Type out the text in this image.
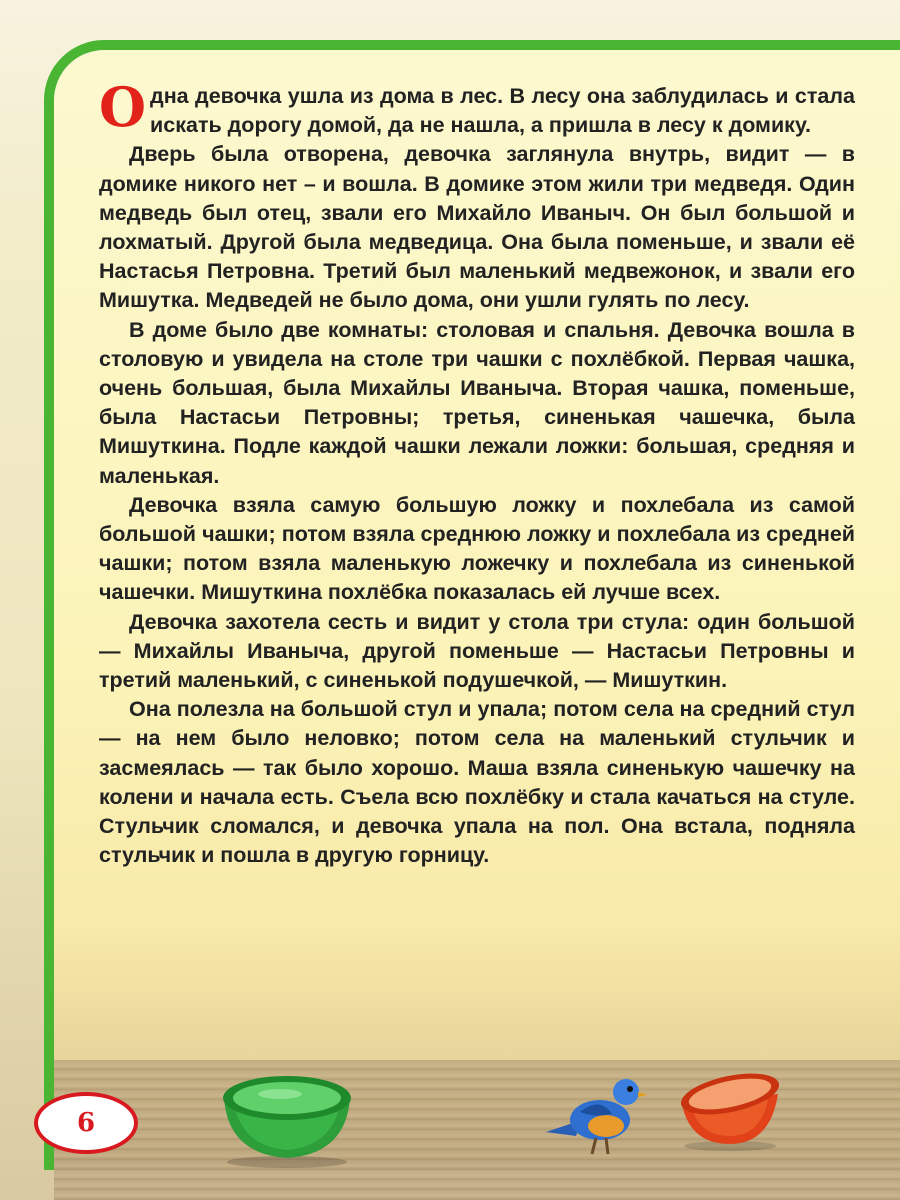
Одна девочка ушла из дома в лес. В лесу она заблудилась и стала искать дорогу домой, да не нашла, а пришла в лесу к домику.

Дверь была отворена, девочка заглянула внутрь, видит — в домике никого нет – и вошла. В домике этом жили три медведя. Один медведь был отец, звали его Михайло Иваныч. Он был большой и лохматый. Другой была медведица. Она была поменьше, и звали её Настасья Петровна. Третий был маленький медвежонок, и звали его Мишутка. Медведей не было дома, они ушли гулять по лесу.

В доме было две комнаты: столовая и спальня. Девочка вошла в столовую и увидела на столе три чашки с похлёбкой. Первая чашка, очень большая, была Михайлы Иваныча. Вторая чашка, поменьше, была Настасьи Петровны; третья, синенькая чашечка, была Мишуткина. Подле каждой чашки лежали ложки: большая, средняя и маленькая.

Девочка взяла самую большую ложку и похлебала из самой большой чашки; потом взяла среднюю ложку и похлебала из средней чашки; потом взяла маленькую ложечку и похлебала из синенькой чашечки. Мишуткина похлёбка показалась ей лучше всех.

Девочка захотела сесть и видит у стола три стула: один большой — Михайлы Иваныча, другой поменьше — Настасьи Петровны и третий маленький, с синенькой подушечкой, — Мишуткин.

Она полезла на большой стул и упала; потом села на средний стул — на нем было неловко; потом села на маленький стульчик и засмеялась — так было хорошо. Маша взяла синенькую чашечку на колени и начала есть. Съела всю похлёбку и стала качаться на стуле. Стульчик сломался, и девочка упала на пол. Она встала, подняла стульчик и пошла в другую горницу.

6
